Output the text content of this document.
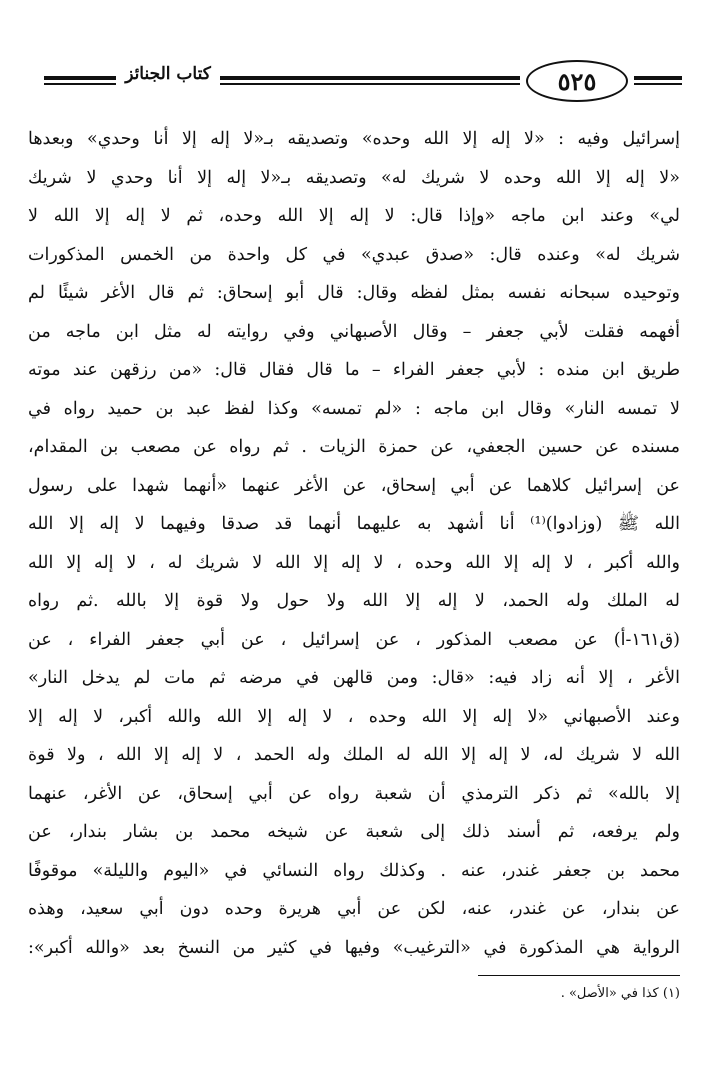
كتاب الجنائز	٥٢٥
إسرائيل وفيه : «لا إله إلا الله وحده» وتصديقه بـ«لا إله إلا أنا وحدي» وبعدها
«لا إله إلا الله وحده لا شريك له» وتصديقه بـ«لا إله إلا أنا وحدي لا شريك
لي» وعند ابن ماجه «وإذا قال: لا إله إلا الله وحده، ثم لا إله إلا الله لا
شريك له» وعنده قال: «صدق عبدي» في كل واحدة من الخمس المذكورات
وتوحيده سبحانه نفسه بمثل لفظه وقال: قال أبو إسحاق: ثم قال الأغر شيئًا لم
أفهمه فقلت لأبي جعفر – وقال الأصبهاني وفي روايته له مثل ابن ماجه من
طريق ابن منده : لأبي جعفر الفراء – ما قال فقال قال: «من رزقهن عند موته
لا تمسه النار» وقال ابن ماجه : «لم تمسه» وكذا لفظ عبد بن حميد رواه في
مسنده عن حسين الجعفي، عن حمزة الزيات . ثم رواه عن مصعب بن المقدام،
عن إسرائيل كلاهما عن أبي إسحاق، عن الأغر عنهما «أنهما شهدا على رسول
الله ﷺ (وزادوا)⁽¹⁾ أنا أشهد به عليهما أنهما قد صدقا وفيهما لا إله إلا الله
والله أكبر ، لا إله إلا الله وحده ، لا إله إلا الله لا شريك له ، لا إله إلا الله
له الملك وله الحمد، لا إله إلا الله ولا حول ولا قوة إلا بالله .ثم رواه
(ق١٦١-أ) عن مصعب المذكور ، عن إسرائيل ، عن أبي جعفر الفراء ، عن
الأغر ، إلا أنه زاد فيه: «قال: ومن قالهن في مرضه ثم مات لم يدخل النار»
وعند الأصبهاني «لا إله إلا الله وحده ، لا إله إلا الله والله أكبر، لا إله إلا
الله لا شريك له، لا إله إلا الله له الملك وله الحمد ، لا إله إلا الله ، ولا قوة
إلا بالله» ثم ذكر الترمذي أن شعبة رواه عن أبي إسحاق، عن الأغر، عنهما
ولم يرفعه، ثم أسند ذلك إلى شعبة عن شيخه محمد بن بشار بندار، عن
محمد بن جعفر غندر، عنه . وكذلك رواه النسائي في «اليوم والليلة» موقوفًا
عن بندار، عن غندر، عنه، لكن عن أبي هريرة وحده دون أبي سعيد، وهذه
الرواية هي المذكورة في «الترغيب» وفيها في كثير من النسخ بعد «والله أكبر»:
(١) كذا في «الأصل» .
